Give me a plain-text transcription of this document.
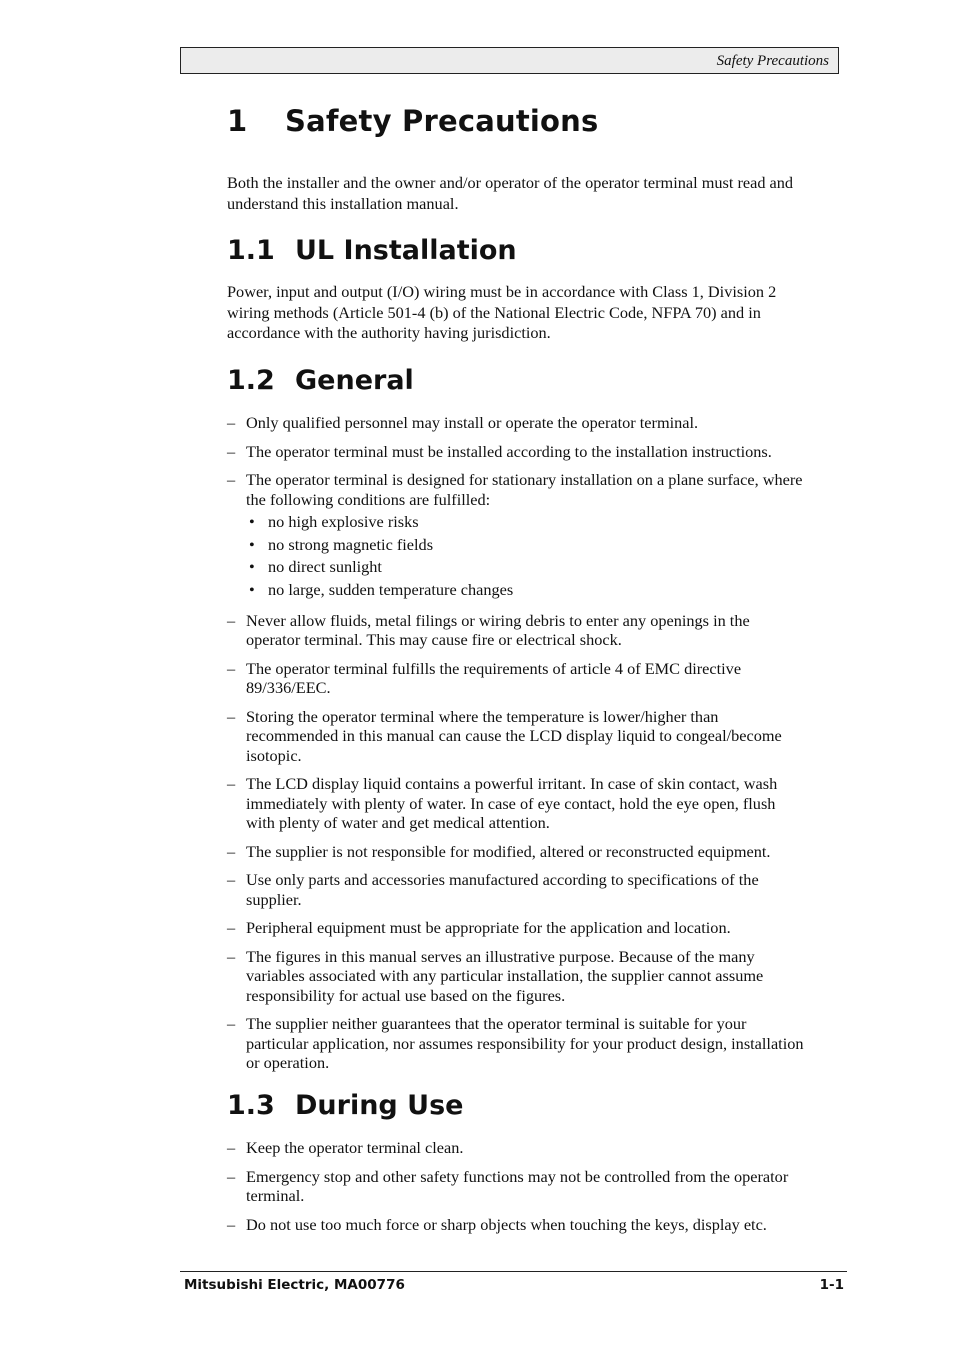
Safety Precautions
1 Safety Precautions

Both the installer and the owner and/or operator of the operator terminal must read and understand this installation manual.

1.1 UL Installation

Power, input and output (I/O) wiring must be in accordance with Class 1, Division 2 wiring methods (Article 501-4 (b) of the National Electric Code, NFPA 70) and in accordance with the authority having jurisdiction.

1.2 General
– Only qualified personnel may install or operate the operator terminal.
– The operator terminal must be installed according to the installation instructions.
– The operator terminal is designed for stationary installation on a plane surface, where the following conditions are fulfilled:
• no high explosive risks
• no strong magnetic fields
• no direct sunlight
• no large, sudden temperature changes
– Never allow fluids, metal filings or wiring debris to enter any openings in the operator terminal. This may cause fire or electrical shock.
– The operator terminal fulfills the requirements of article 4 of EMC directive 89/336/EEC.
– Storing the operator terminal where the temperature is lower/higher than recommended in this manual can cause the LCD display liquid to congeal/become isotopic.
– The LCD display liquid contains a powerful irritant. In case of skin contact, wash immediately with plenty of water. In case of eye contact, hold the eye open, flush with plenty of water and get medical attention.
– The supplier is not responsible for modified, altered or reconstructed equipment.
– Use only parts and accessories manufactured according to specifications of the supplier.
– Peripheral equipment must be appropriate for the application and location.
– The figures in this manual serves an illustrative purpose. Because of the many variables associated with any particular installation, the supplier cannot assume responsibility for actual use based on the figures.
– The supplier neither guarantees that the operator terminal is suitable for your particular application, nor assumes responsibility for your product design, installation or operation.
1.3 During Use
– Keep the operator terminal clean.
– Emergency stop and other safety functions may not be controlled from the operator terminal.
– Do not use too much force or sharp objects when touching the keys, display etc.
Mitsubishi Electric, MA00776	1-1
